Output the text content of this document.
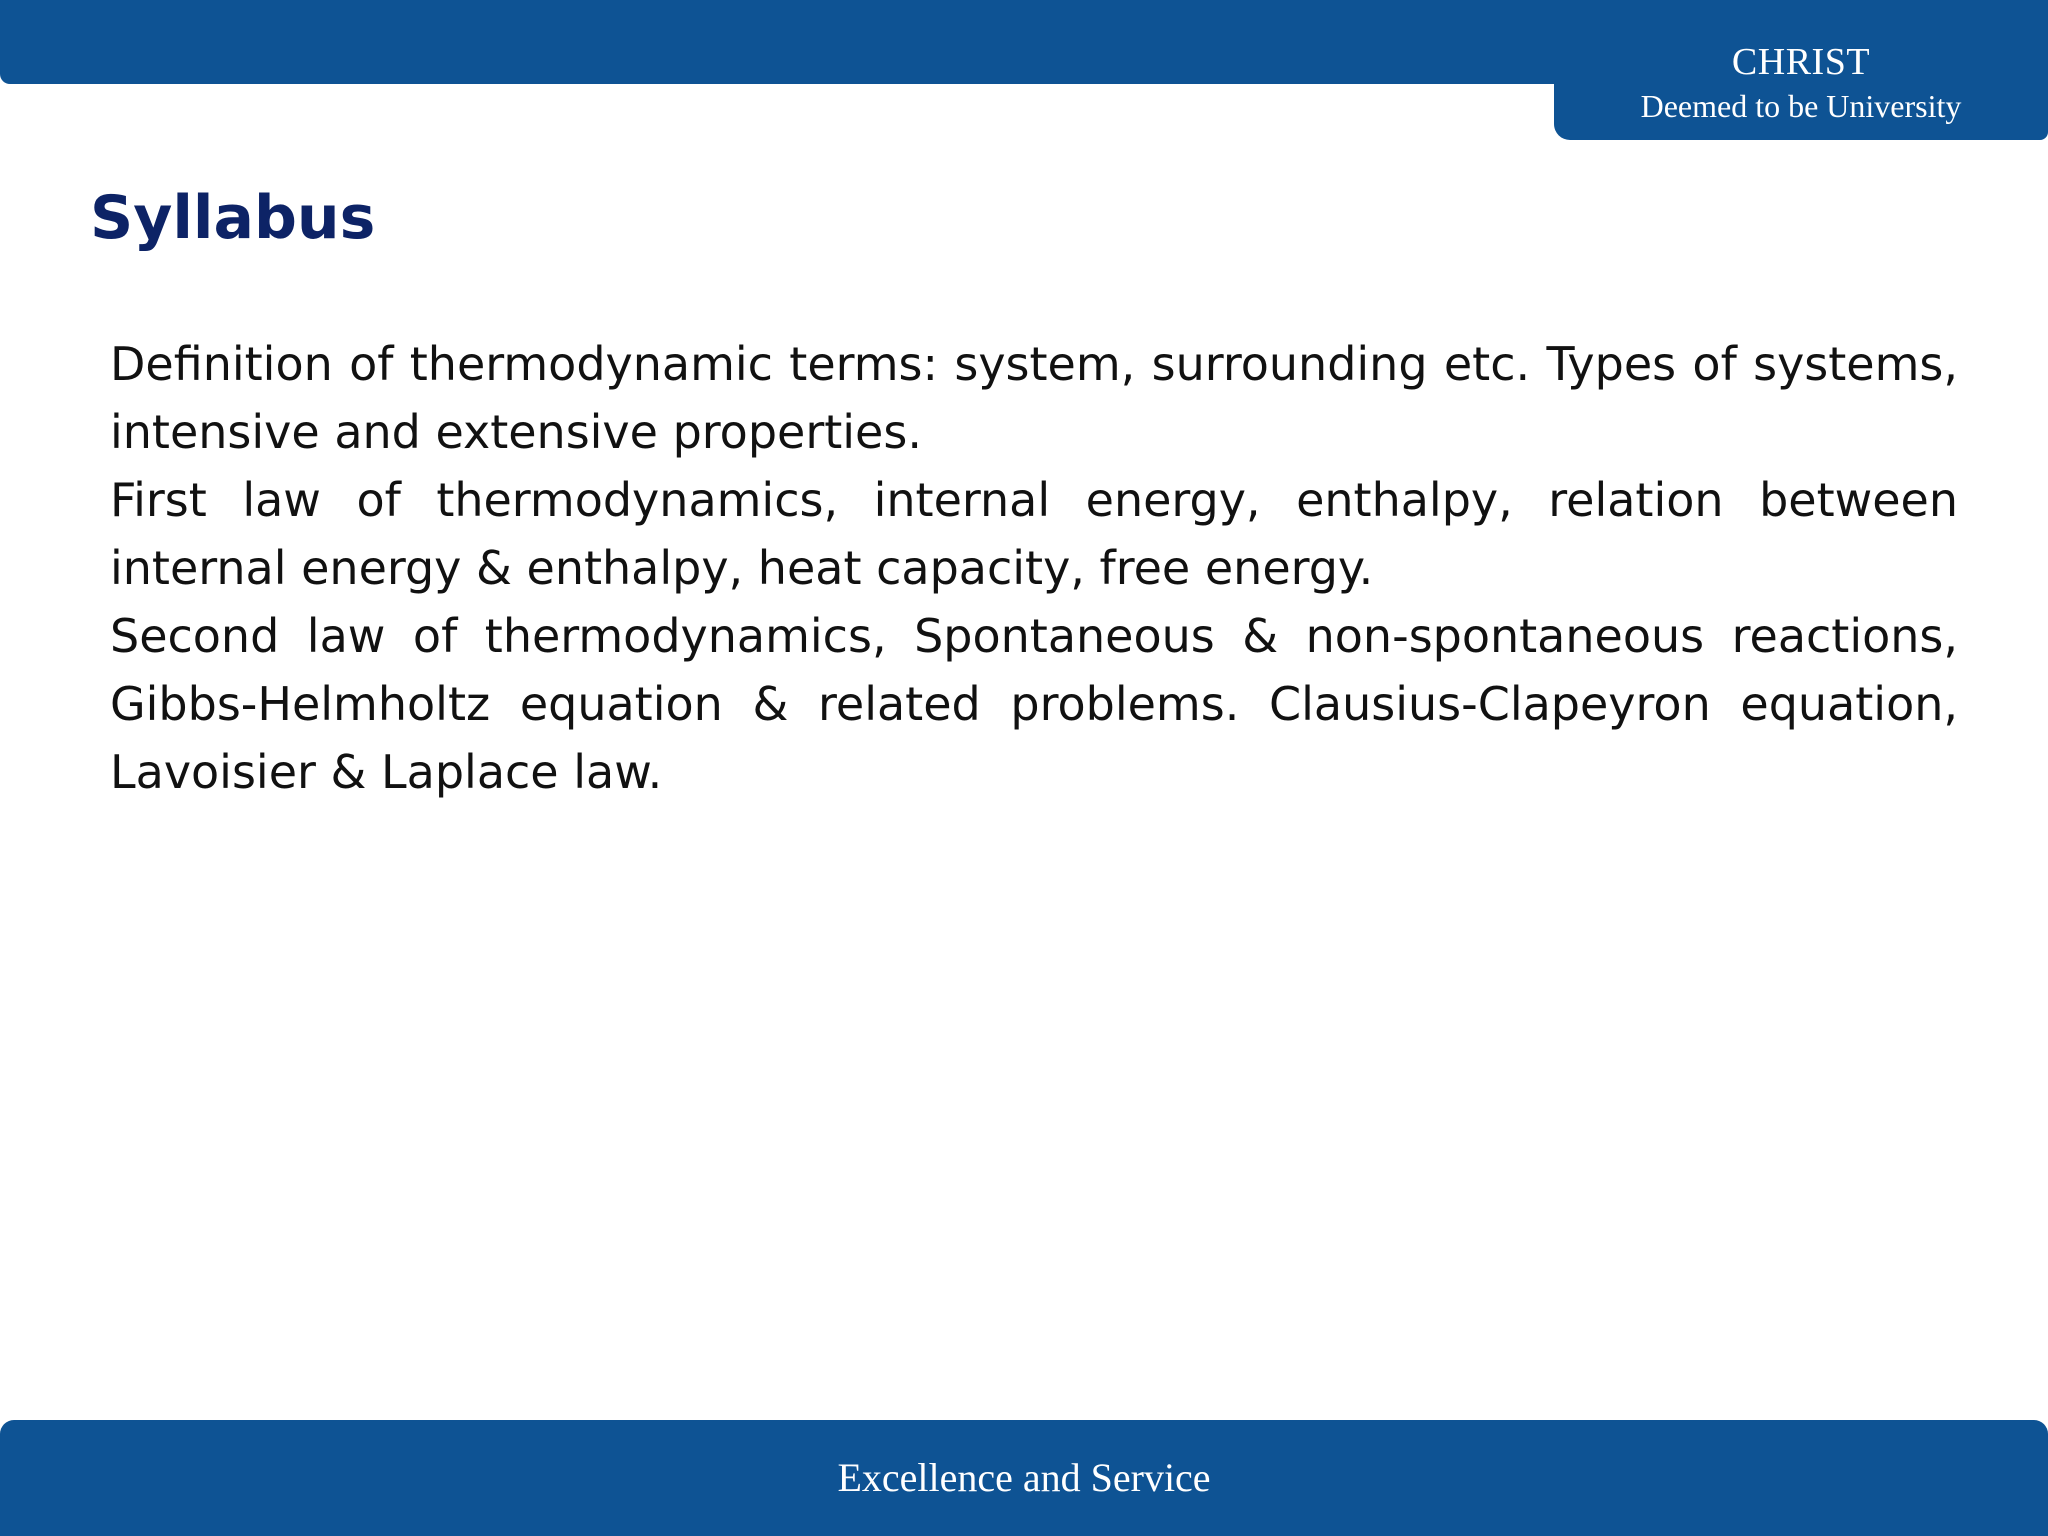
CHRIST
Deemed to be University
Syllabus

Definition of thermodynamic terms: system, surrounding etc. Types of systems, intensive and extensive properties.

First law of thermodynamics, internal energy, enthalpy, relation between internal energy & enthalpy, heat capacity, free energy.

Second law of thermodynamics, Spontaneous & non-spontaneous reactions, Gibbs-Helmholtz equation & related problems. Clausius-Clapeyron equation, Lavoisier & Laplace law.

Excellence and Service
